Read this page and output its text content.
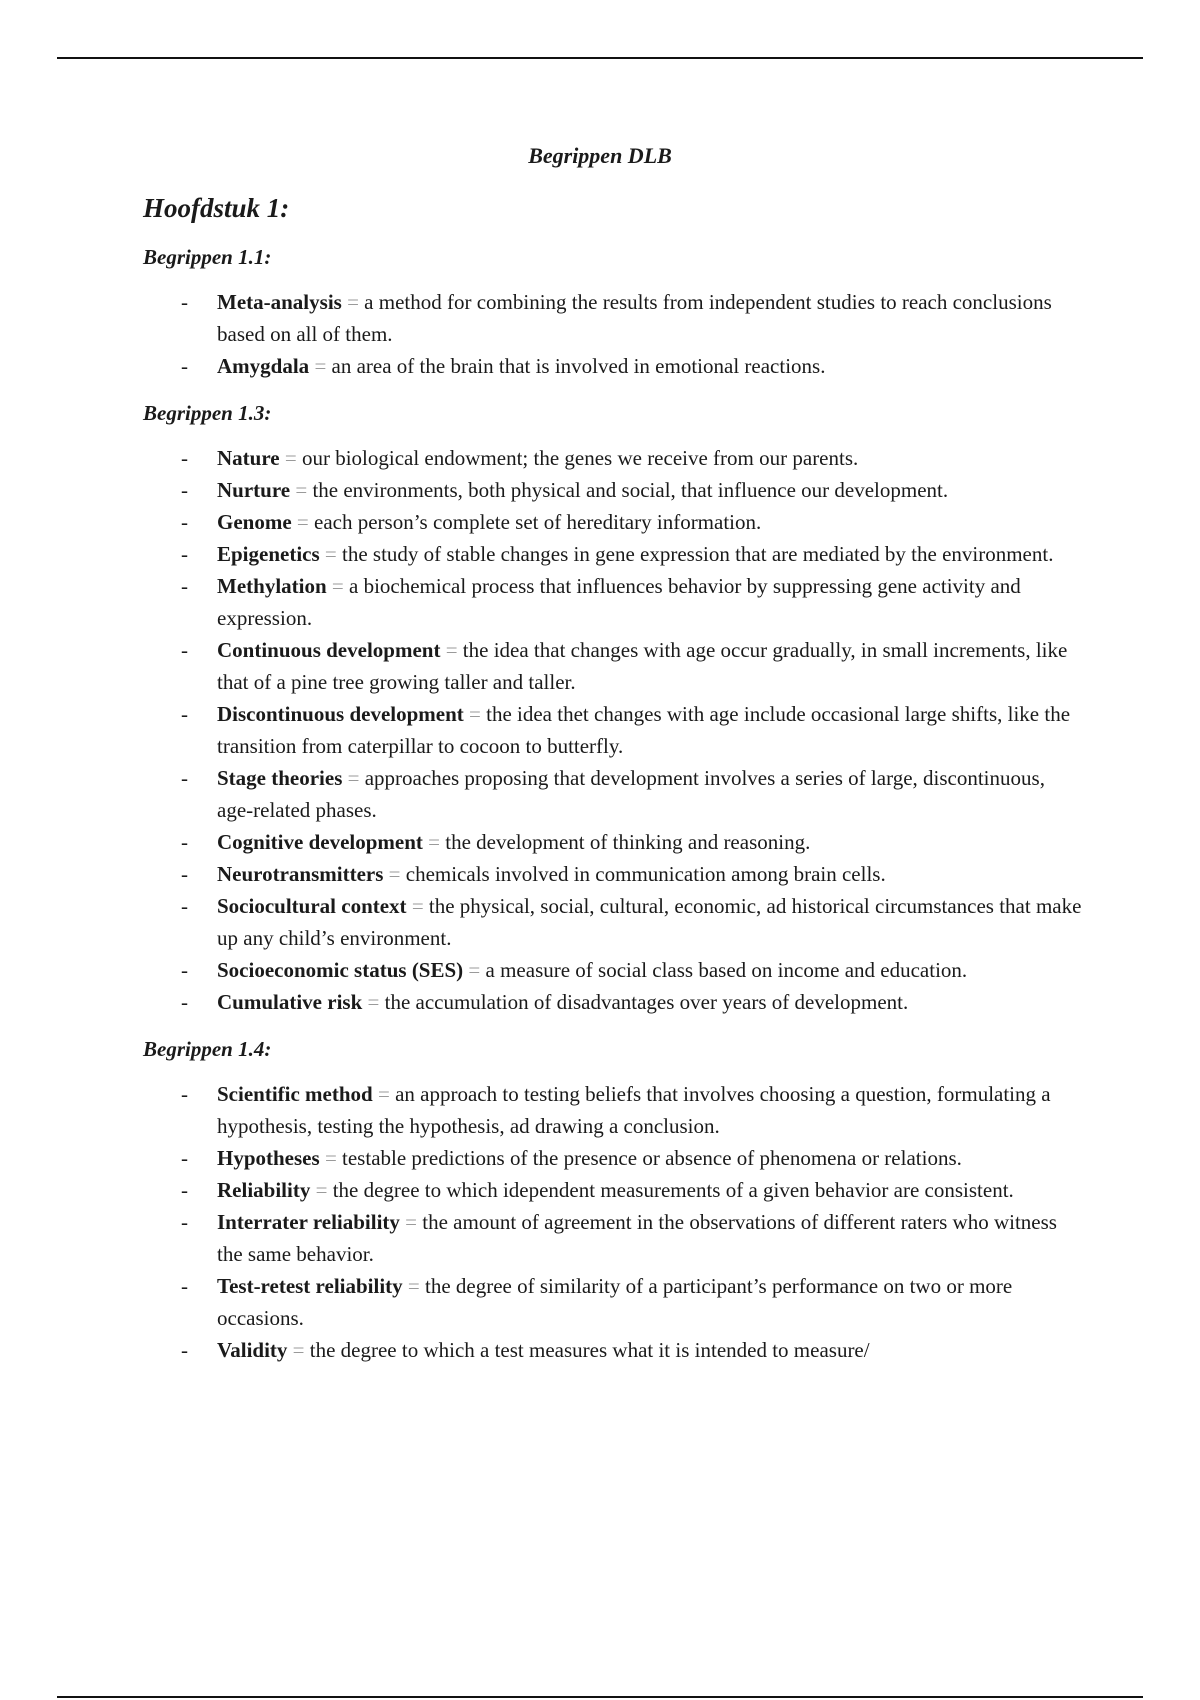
Begrippen DLB
Hoofdstuk 1:
Begrippen 1.1:
- Meta-analysis = a method for combining the results from independent studies to reach conclusions based on all of them.
- Amygdala = an area of the brain that is involved in emotional reactions.
Begrippen 1.3:
- Nature = our biological endowment; the genes we receive from our parents.
- Nurture = the environments, both physical and social, that influence our development.
- Genome = each person’s complete set of hereditary information.
- Epigenetics = the study of stable changes in gene expression that are mediated by the environment.
- Methylation = a biochemical process that influences behavior by suppressing gene activity and expression.
- Continuous development = the idea that changes with age occur gradually, in small increments, like that of a pine tree growing taller and taller.
- Discontinuous development = the idea thet changes with age include occasional large shifts, like the transition from caterpillar to cocoon to butterfly.
- Stage theories = approaches proposing that development involves a series of large, discontinuous, age-related phases.
- Cognitive development = the development of thinking and reasoning.
- Neurotransmitters = chemicals involved in communication among brain cells.
- Sociocultural context = the physical, social, cultural, economic, ad historical circumstances that make up any child’s environment.
- Socioeconomic status (SES) = a measure of social class based on income and education.
- Cumulative risk = the accumulation of disadvantages over years of development.
Begrippen 1.4:
- Scientific method = an approach to testing beliefs that involves choosing a question, formulating a hypothesis, testing the hypothesis, ad drawing a conclusion.
- Hypotheses = testable predictions of the presence or absence of phenomena or relations.
- Reliability = the degree to which idependent measurements of a given behavior are consistent.
- Interrater reliability = the amount of agreement in the observations of different raters who witness the same behavior.
- Test-retest reliability = the degree of similarity of a participant’s performance on two or more occasions.
- Validity = the degree to which a test measures what it is intended to measure/
